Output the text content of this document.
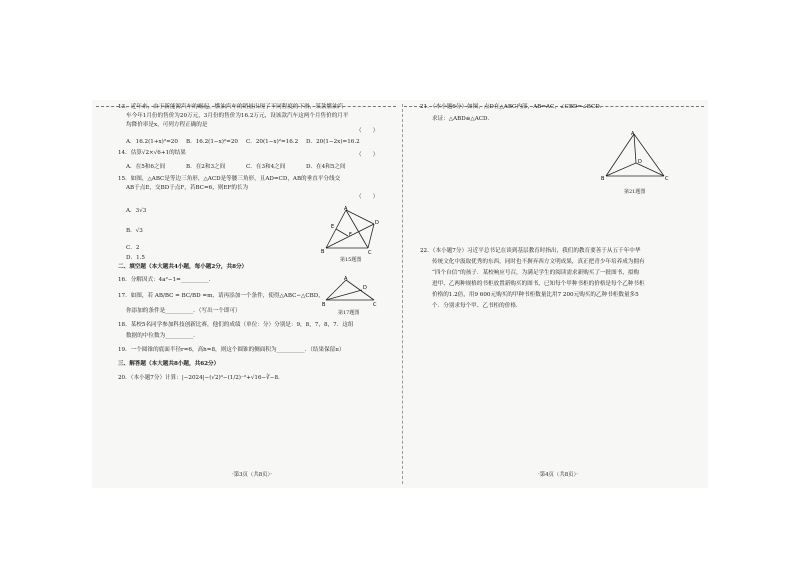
13．近年来，由于新能源汽车的崛起，燃油汽车的销量出现了不同程度的下滑，某款燃油汽
车今年1月份的售价为20万元，3月份的售价为16.2万元，设该款汽车这两个月售价的月平
均降价率是x，可列方程正确的是
（　　）
A．16.2(1+x)²=20 B．16.2(1−x)²=20 C．20(1−x)²=16.2 D．20(1−2x)=16.2
14．估算√2×√6+1的结果	（　　）
A．在5和6之间	B．在2和3之间	C．在3和4之间	D．在4和5之间
15．如图，△ABC是等边三角形，△ACD是等腰三角形，且AD=CD，AB的垂直平分线交
AB于点E，交BD于点F，若BC=6，则EF的长为
（　　）
A．3√3
B．√3
C．2
D．1.5
A
B	C
D
E
F
第15题图
二、填空题（本大题共4小题，每小题2分，共8分）
16．分解因式：4a²−1=__________．
17．如图，若 AB/BC = BC/BD =m，请再添加一个条件，使得△ABC∽△CBD，
你添加的条件是__________．（写出一个即可）
A
B	C
D
第17题图
18．某校5名同学参加科技创新比赛，他们的成绩（单位：分）分别是：9，8，7，8，7．这组
数据的中位数为__________．
19．一个圆锥的底面半径r=6，高h=8，则这个圆锥的侧面积为__________．（结果保留π）
三、解答题（本大题共8小题，共62分）
20．（本小题7分）计算：|−2024|−(√2)⁰−(1/2)⁻²+√16−∛−8．
·第3页（共8页）·
21．（本小题6分）如图，点D在△ABC内部，AB=AC，∠CBD=∠BCD．
求证：△ABD≌△ACD．
A
B	C
D
第21题图
22．（本小题7分）习近平总书记在谈到基层教育时指出，我们的教育要善于从五千年中华
传统文化中汲取优秀的东西，同时也不摒弃西方文明成果，真正把青少年培养成为拥有
“四个自信”的孩子．某校响应号召，为满足学生的阅读需求新购买了一批图书，拟购
进甲、乙两种规格的书柜放置新购买的图书，已知每个甲种书柜的价格是每个乙种书柜
价格的1.2倍，用9 600元购买的甲种书柜数量比用7 200元购买的乙种书柜数量多5
个．分别求每个甲、乙书柜的价格．
·第4页（共8页）·
